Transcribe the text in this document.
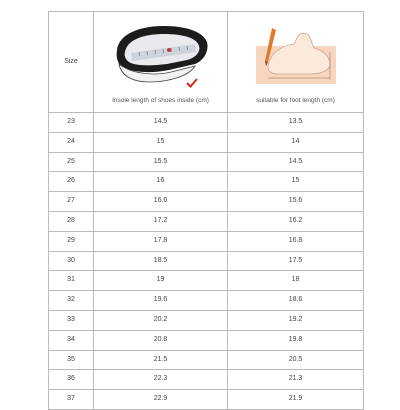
Size	Insole length of shoes inside (cm)	suitable for foot length (cm)

23	14.5	13.5
24	15	14
25	15.5	14.5
26	16	15
27	16.6	15.6
28	17.2	16.2
29	17.8	16.8
30	18.5	17.5
31	19	18
32	19.6	18.6
33	20.2	19.2
34	20.8	19.8
35	21.5	20.5
36	22.3	21.3
37	22.9	21.9
